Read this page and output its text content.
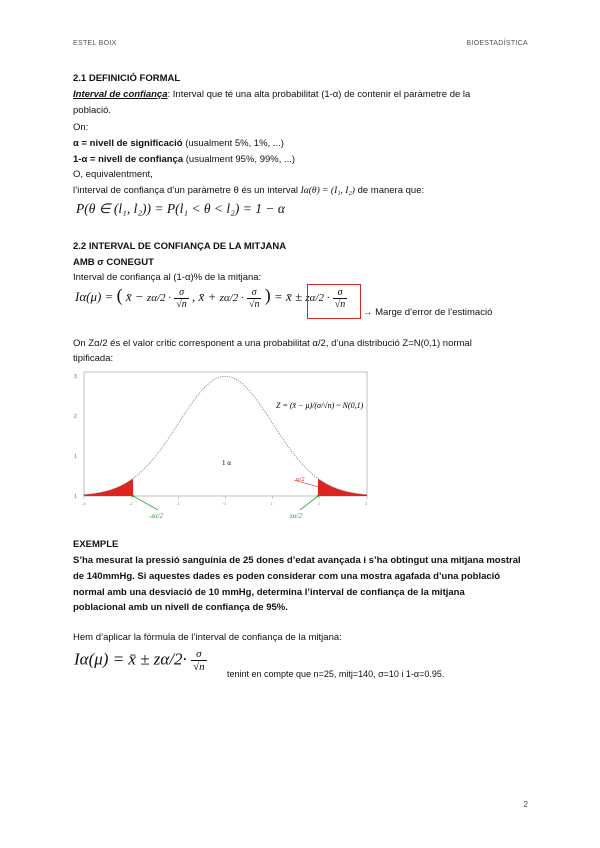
ESTEL BOIX	BIOESTADÍSTICA
2.1 DEFINICIÓ FORMAL
Interval de confiança: Interval que té una alta probabilitat (1-α) de contenir el paràmetre de la
població.
On:
α = nivell de significació (usualment 5%, 1%, ...)
1-α = nivell de confiança (usualment 95%, 99%, ...)
O, equivalentment,
l’interval de confiança d’un paràmetre θ és un interval Iα(θ) = (I₁, I₂) de manera que:
P(θ ∈ (l₁, l₂)) = P(l₁ < θ < l₂) = 1 − α
2.2 INTERVAL DE CONFIANÇA DE LA MITJANA
AMB σ CONEGUT
Interval de confiança al (1-α)% de la mitjana:
Iα(μ) = ( x̄ − $z\alpha/2 \cdot \frac{\sigma}{√n}$ , x̄ + $z\alpha/2 \cdot \frac{\sigma}{√n}$ ) = x̄ ± $z\alpha/2 \cdot \frac{\sigma}{√n}$
→ Marge d’error de l’estimació
On Zα/2 és el valor crític corresponent a una probabilitat α/2, d’una distribució Z=N(0,1) normal
tipificada:
3
2
1
1
-3	-2	-1	0	1	2	3
1 α
α/2
-zα/2	zα/2
Z = (x̄ − μ)/(σ/√n) ~ N(0,1)
EXEMPLE
S’ha mesurat la pressió sanguínia de 25 dones d’edat avançada i s’ha obtingut una mitjana mostral
de 140mmHg. Si aquestes dades es poden considerar com una mostra agafada d’una població
normal amb una desviació de 10 mmHg, determina l’interval de confiança de la mitjana
poblacional amb un nivell de confiança de 95%.
Hem d’aplicar la fórmula de l’interval de confiança de la mitjana:
Iα(μ) = x̄ ± $z\alpha/2\cdot \frac{\sigma}{√n}$
tenint en compte que n=25, mitj=140, σ=10 i 1-α=0.95.
2
